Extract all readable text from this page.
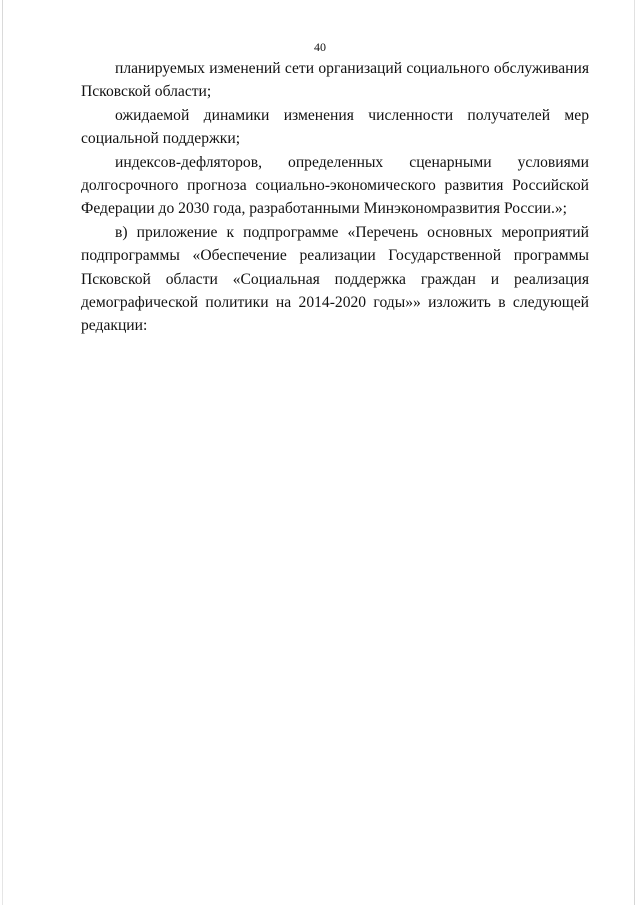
40

планируемых изменений сети организаций социального обслуживания Псковской области;

ожидаемой динамики изменения численности получателей мер социальной поддержки;

индексов-дефляторов, определенных сценарными условиями долгосрочного прогноза социально-экономического развития Российской Федерации до 2030 года, разработанными Минэкономразвития России.»;

в) приложение к подпрограмме «Перечень основных мероприятий подпрограммы «Обеспечение реализации Государственной программы Псковской области «Социальная поддержка граждан и реализация демографической политики на 2014-2020 годы»» изложить в следующей редакции:
